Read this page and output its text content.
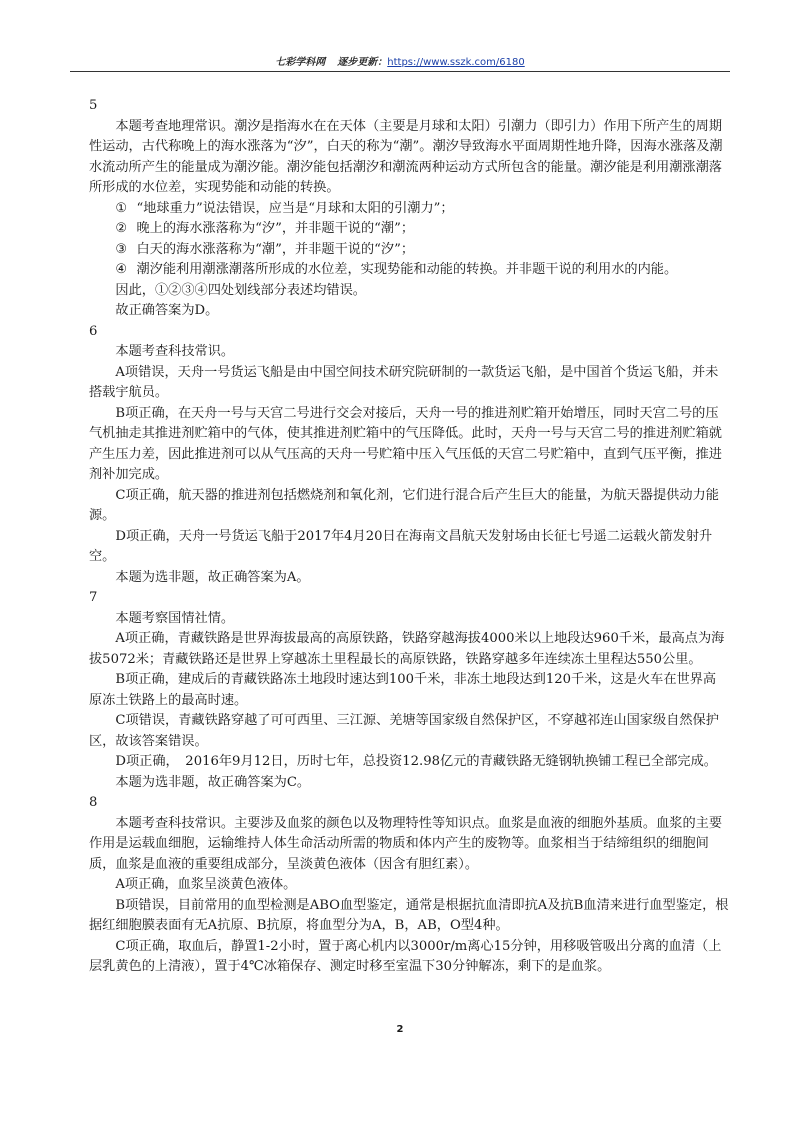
七彩学科网 逐步更新：https://www.sszk.com/6180

5

本题考查地理常识。潮汐是指海水在在天体（主要是月球和太阳）引潮力（即引力）作用下所产生的周期性运动，古代称晚上的海水涨落为“汐”，白天的称为“潮”。潮汐导致海水平面周期性地升降，因海水涨落及潮水流动所产生的能量成为潮汐能。潮汐能包括潮汐和潮流两种运动方式所包含的能量。潮汐能是利用潮涨潮落所形成的水位差，实现势能和动能的转换。

① “地球重力”说法错误，应当是“月球和太阳的引潮力”；

② 晚上的海水涨落称为“汐”，并非题干说的“潮”；

③ 白天的海水涨落称为“潮”，并非题干说的“汐”；

④ 潮汐能利用潮涨潮落所形成的水位差，实现势能和动能的转换。并非题干说的利用水的内能。

因此，①②③④四处划线部分表述均错误。

故正确答案为D。

6

本题考查科技常识。

A项错误，天舟一号货运飞船是由中国空间技术研究院研制的一款货运飞船，是中国首个货运飞船，并未搭载宇航员。

B项正确，在天舟一号与天宫二号进行交会对接后，天舟一号的推进剂贮箱开始增压，同时天宫二号的压气机抽走其推进剂贮箱中的气体，使其推进剂贮箱中的气压降低。此时，天舟一号与天宫二号的推进剂贮箱就产生压力差，因此推进剂可以从气压高的天舟一号贮箱中压入气压低的天宫二号贮箱中，直到气压平衡，推进剂补加完成。

C项正确，航天器的推进剂包括燃烧剂和氧化剂，它们进行混合后产生巨大的能量，为航天器提供动力能源。

D项正确，天舟一号货运飞船于2017年4月20日在海南文昌航天发射场由长征七号遥二运载火箭发射升空。

本题为选非题，故正确答案为A。

7

本题考察国情社情。

A项正确，青藏铁路是世界海拔最高的高原铁路，铁路穿越海拔4000米以上地段达960千米，最高点为海拔5072米；青藏铁路还是世界上穿越冻土里程最长的高原铁路，铁路穿越多年连续冻土里程达550公里。

B项正确，建成后的青藏铁路冻土地段时速达到100千米，非冻土地段达到120千米，这是火车在世界高原冻土铁路上的最高时速。

C项错误，青藏铁路穿越了可可西里、三江源、羌塘等国家级自然保护区，不穿越祁连山国家级自然保护区，故该答案错误。

D项正确，　2016年9月12日，历时七年，总投资12.98亿元的青藏铁路无缝钢轨换铺工程已全部完成。

本题为选非题，故正确答案为C。

8

本题考查科技常识。主要涉及血浆的颜色以及物理特性等知识点。血浆是血液的细胞外基质。血浆的主要作用是运载血细胞，运输维持人体生命活动所需的物质和体内产生的废物等。血浆相当于结缔组织的细胞间质，血浆是血液的重要组成部分，呈淡黄色液体（因含有胆红素）。

A项正确，血浆呈淡黄色液体。

B项错误，目前常用的血型检测是ABO血型鉴定，通常是根据抗血清即抗A及抗B血清来进行血型鉴定，根据红细胞膜表面有无A抗原、B抗原，将血型分为A，B，AB，O型4种。

C项正确，取血后，静置1-2小时，置于离心机内以3000r/m离心15分钟，用移吸管吸出分离的血清（上层乳黄色的上清液），置于4℃冰箱保存、测定时移至室温下30分钟解冻，剩下的是血浆。

2
